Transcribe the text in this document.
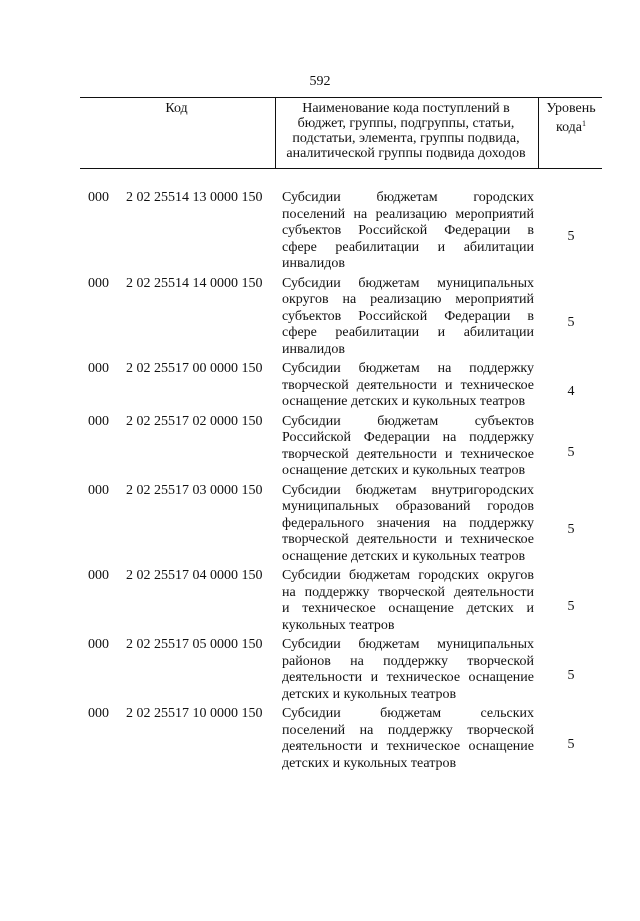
592
Код	Наименование кода поступлений в
бюджет, группы, подгруппы, статьи,
подстатьи, элемента, группы подвида,
аналитической группы подвида доходов
Уровень
кода$^1$
000 2 02 25514 13 0000 150 Субсидии бюджетам городских
поселений на реализацию мероприятий
субъектов Российской Федерации в
сфере реабилитации и абилитации
инвалидов
5
000 2 02 25514 14 0000 150 Субсидии бюджетам муниципальных
округов на реализацию мероприятий
субъектов Российской Федерации в
сфере реабилитации и абилитации
инвалидов
5
000 2 02 25517 00 0000 150 Субсидии бюджетам на поддержку
творческой деятельности и техническое
оснащение детских и кукольных театров
4
000 2 02 25517 02 0000 150 Субсидии бюджетам субъектов
Российской Федерации на поддержку
творческой деятельности и техническое
оснащение детских и кукольных театров
5
000 2 02 25517 03 0000 150 Субсидии бюджетам внутригородских
муниципальных образований городов
федерального значения на поддержку
творческой деятельности и техническое
оснащение детских и кукольных театров
5
000 2 02 25517 04 0000 150 Субсидии бюджетам городских округов
на поддержку творческой деятельности
и техническое оснащение детских и
кукольных театров
5
000 2 02 25517 05 0000 150 Субсидии бюджетам муниципальных
районов на поддержку творческой
деятельности и техническое оснащение
детских и кукольных театров
5
000 2 02 25517 10 0000 150 Субсидии бюджетам сельских
поселений на поддержку творческой
деятельности и техническое оснащение
детских и кукольных театров
5
